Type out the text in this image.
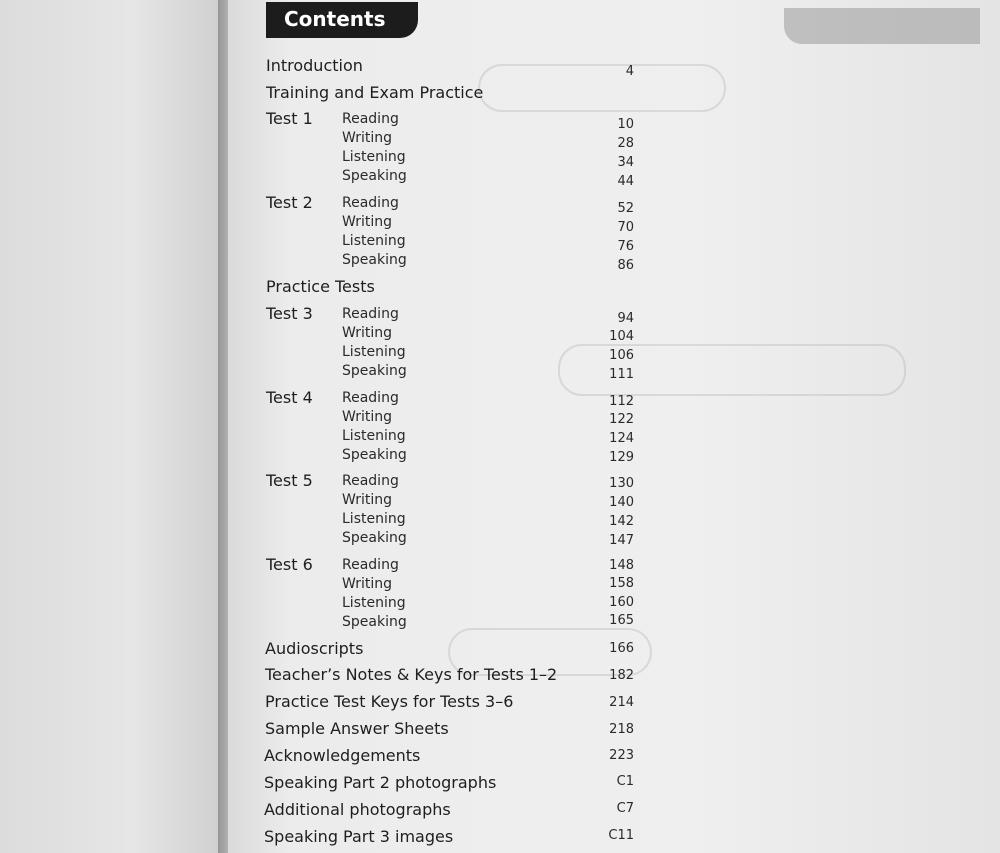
Contents
Introduction	4
Training and Exam Practice
Test 1 Reading	10
Writing	28
Listening	34
Speaking	44
Test 2 Reading	52
Writing	70
Listening	76
Speaking	86
Practice Tests
Test 3 Reading	94
Writing	104
Listening	106
Speaking	111
Test 4 Reading	112
Writing	122
Listening	124
Speaking	129
Test 5 Reading	130
Writing	140
Listening	142
Speaking	147
Test 6 Reading	148
Writing	158
Listening	160
Speaking	165
Audioscripts	166
Teacher’s Notes & Keys for Tests 1–2	182
Practice Test Keys for Tests 3–6	214
Sample Answer Sheets	218
Acknowledgements	223
Speaking Part 2 photographs	C1
Additional photographs	C7
Speaking Part 3 images	C11
